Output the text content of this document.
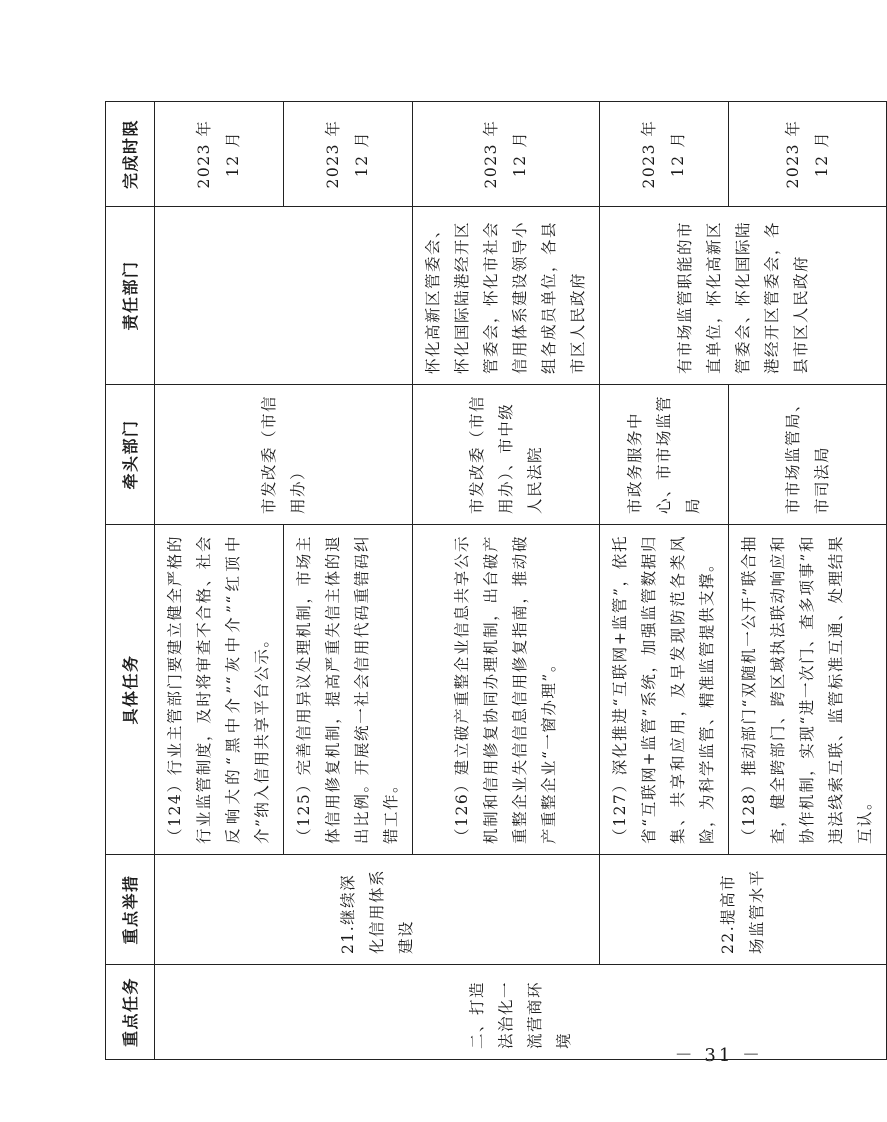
重点任务	重点举措	具体任务	牵头部门	责任部门	完成时限
二、打造法治化一流营商环境	21.继续深化信用体系建设	（124）行业主管部门要建立健全严格的行业监管制度，及时将审查不合格、社会反响大的“黑中介”“灰中介”“红顶中介”纳入信用共享平台公示。	市发改委（市信用办）		2023 年 12 月
		（125）完善信用异议处理机制，市场主体信用修复机制，提高严重失信主体的退出比例。开展统一社会信用代码重错码纠错工作。			2023 年 12 月
		（126）建立破产重整企业信息共享公示机制和信用修复协同办理机制，出台破产重整企业失信信息信用修复指南，推动破产重整企业“一窗办理”。	市发改委（市信用办）、市中级人民法院	怀化高新区管委会、怀化国际陆港经开区管委会，怀化市社会信用体系建设领导小组各成员单位，各县市区人民政府	2023 年 12 月
	22.提高市场监管水平	（127）深化推进“互联网+监管”，依托省“互联网+监管”系统，加强监管数据归集、共享和应用，及早发现防范各类风险，为科学监管、精准监管提供支撑。	市政务服务中心、市市场监管局	有市场监管职能的市直单位，怀化高新区管委会、怀化国际陆港经开区管委会，各县市区人民政府	2023 年 12 月
		（128）推动部门“双随机一公开”联合抽查，健全跨部门、跨区域执法联动响应和协作机制，实现“进一次门、查多项事”和违法线索互联、监管标准互通、处理结果互认。	市市场监管局、市司法局		2023 年 12 月
－ 31 －
